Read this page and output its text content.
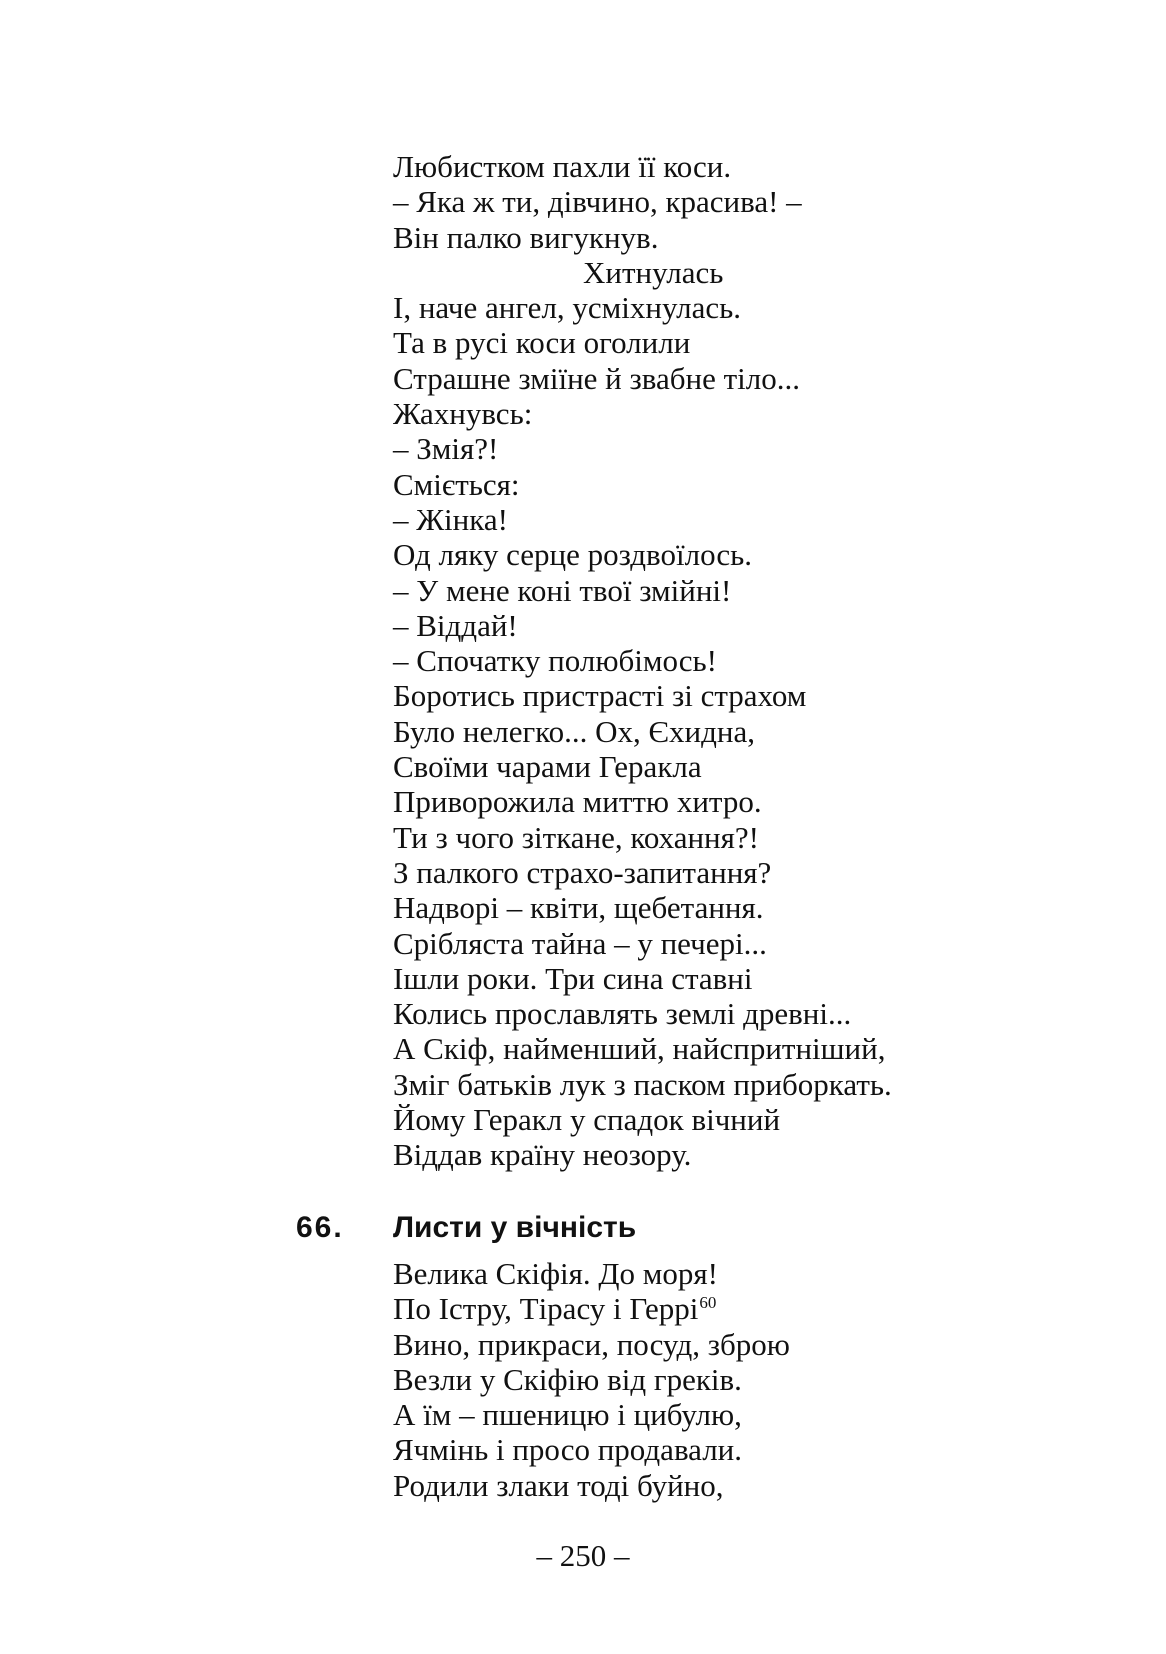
Любистком пахли її коси.
– Яка ж ти, дівчино, красива! –
Він палко вигукнув.
Хитнулась
І, наче ангел, усміхнулась.
Та в русі коси оголили
Страшне зміїне й звабне тіло...
Жахнувсь:
– Змія?!
Сміється:
– Жінка!
Од ляку серце роздвоїлось.
– У мене коні твої змійні!
– Віддай!
– Спочатку полюбімось!
Боротись пристрасті зі страхом
Було нелегко... Ох, Єхидна,
Своїми чарами Геракла
Приворожила миттю хитро.
Ти з чого зіткане, кохання?!
З палкого страхо-запитання?
Надворі – квіти, щебетання.
Срібляста тайна – у печері...
Ішли роки. Три сина ставні
Колись прославлять землі древні...
А Скіф, найменший, найспритніший,
Зміг батьків лук з паском приборкать.
Йому Геракл у спадок вічний
Віддав країну неозору.
66. Листи у вічність
Велика Скіфія. До моря!
По Істру, Тірасу і Геррі$^{60}$
Вино, прикраси, посуд, зброю
Везли у Скіфію від греків.
А їм – пшеницю і цибулю,
Ячмінь і просо продавали.
Родили злаки тоді буйно,
– 250 –
